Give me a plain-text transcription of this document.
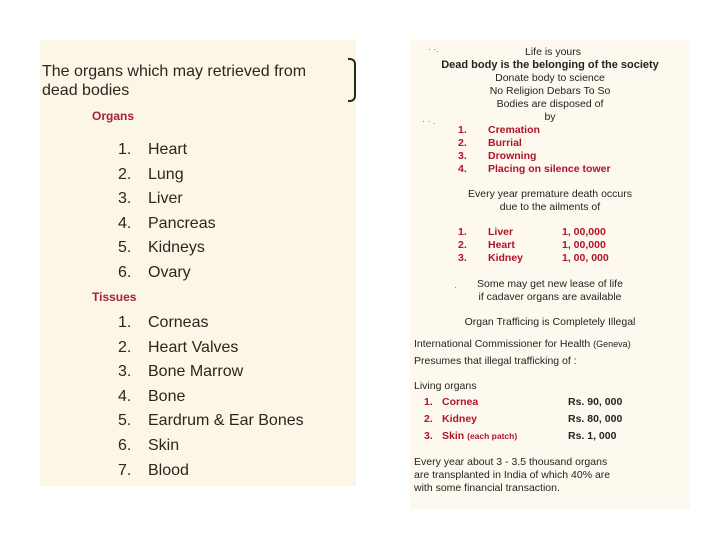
The organs which may retrieved from
dead bodies
Organs
1. Heart
2. Lung
3. Liver
4. Pancreas
5. Kidneys
6. Ovary
Tissues
1. Corneas
2. Heart Valves
3. Bone Marrow
4. Bone
5. Eardrum & Ear Bones
6. Skin
7. Blood
· ·.
· · .
·
Life is yours
Dead body is the belonging of the society
Donate body to science
No Religion Debars To So
Bodies are disposed of
by
1. Cremation
2. Burrial
3. Drowning
4. Placing on silence tower
Every year premature death occurs
due to the ailments of
1. Liver	1, 00,000
2. Heart	1, 00,000
3. Kidney	1, 00, 000
Some may get new lease of life
if cadaver organs are available
Organ Trafficing is Completely Illegal
International Commissioner for Health (Geneva)
Presumes that illegal trafficking of :
Living organs
1. Cornea	Rs. 90, 000
2. Kidney	Rs. 80, 000
3. Skin (each patch)	Rs. 1, 000
Every year about 3 - 3.5 thousand organs
are transplanted in India of which 40% are
with some financial transaction.
